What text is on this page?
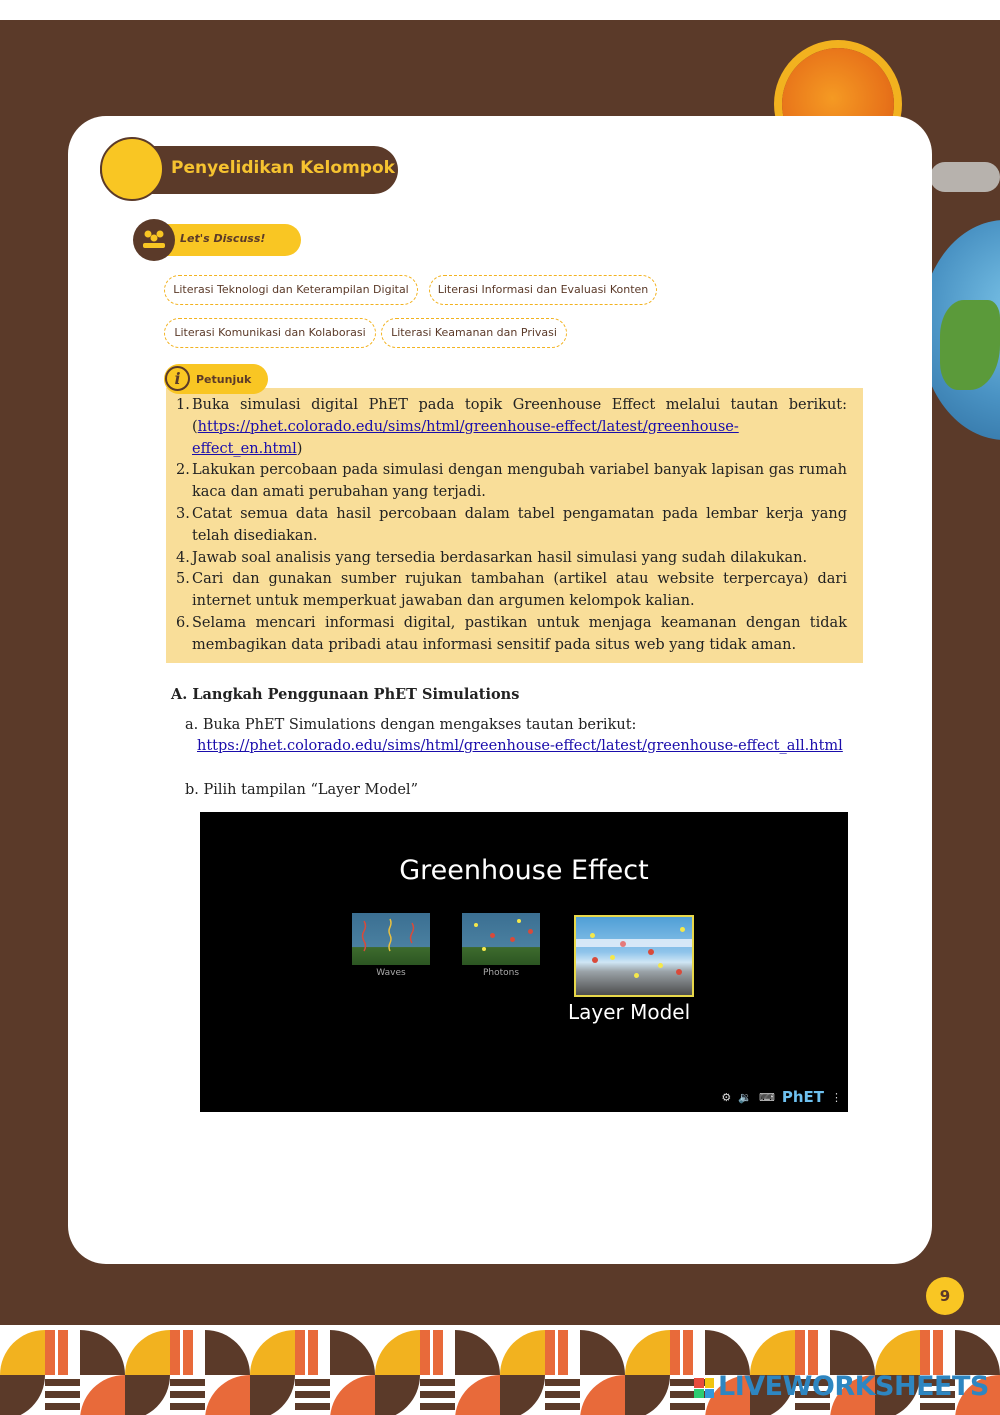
Penyelidikan Kelompok
Let's Discuss!
Literasi Teknologi dan Keterampilan Digital	Literasi Informasi dan Evaluasi Konten
Literasi Komunikasi dan Kolaborasi	Literasi Keamanan dan Privasi
i	Petunjuk
1. Buka simulasi digital PhET pada topik Greenhouse Effect melalui tautan berikut: (https://phet.colorado.edu/sims/html/greenhouse-effect/latest/greenhouse-effect_en.html)
2. Lakukan percobaan pada simulasi dengan mengubah variabel banyak lapisan gas rumah kaca dan amati perubahan yang terjadi.
3. Catat semua data hasil percobaan dalam tabel pengamatan pada lembar kerja yang telah disediakan.
4. Jawab soal analisis yang tersedia berdasarkan hasil simulasi yang sudah dilakukan.
5. Cari dan gunakan sumber rujukan tambahan (artikel atau website terpercaya) dari internet untuk memperkuat jawaban dan argumen kelompok kalian.
6. Selama mencari informasi digital, pastikan untuk menjaga keamanan dengan tidak membagikan data pribadi atau informasi sensitif pada situs web yang tidak aman.
A. Langkah Penggunaan PhET Simulations
a. Buka PhET Simulations dengan mengakses tautan berikut:
https://phet.colorado.edu/sims/html/greenhouse-effect/latest/greenhouse-effect_all.html
b. Pilih tampilan “Layer Model”
Greenhouse Effect
Waves	Photons
Layer Model
⚙ 🔉 ⌨ PhET ⋮
9
LIVEWORKSHEETS
